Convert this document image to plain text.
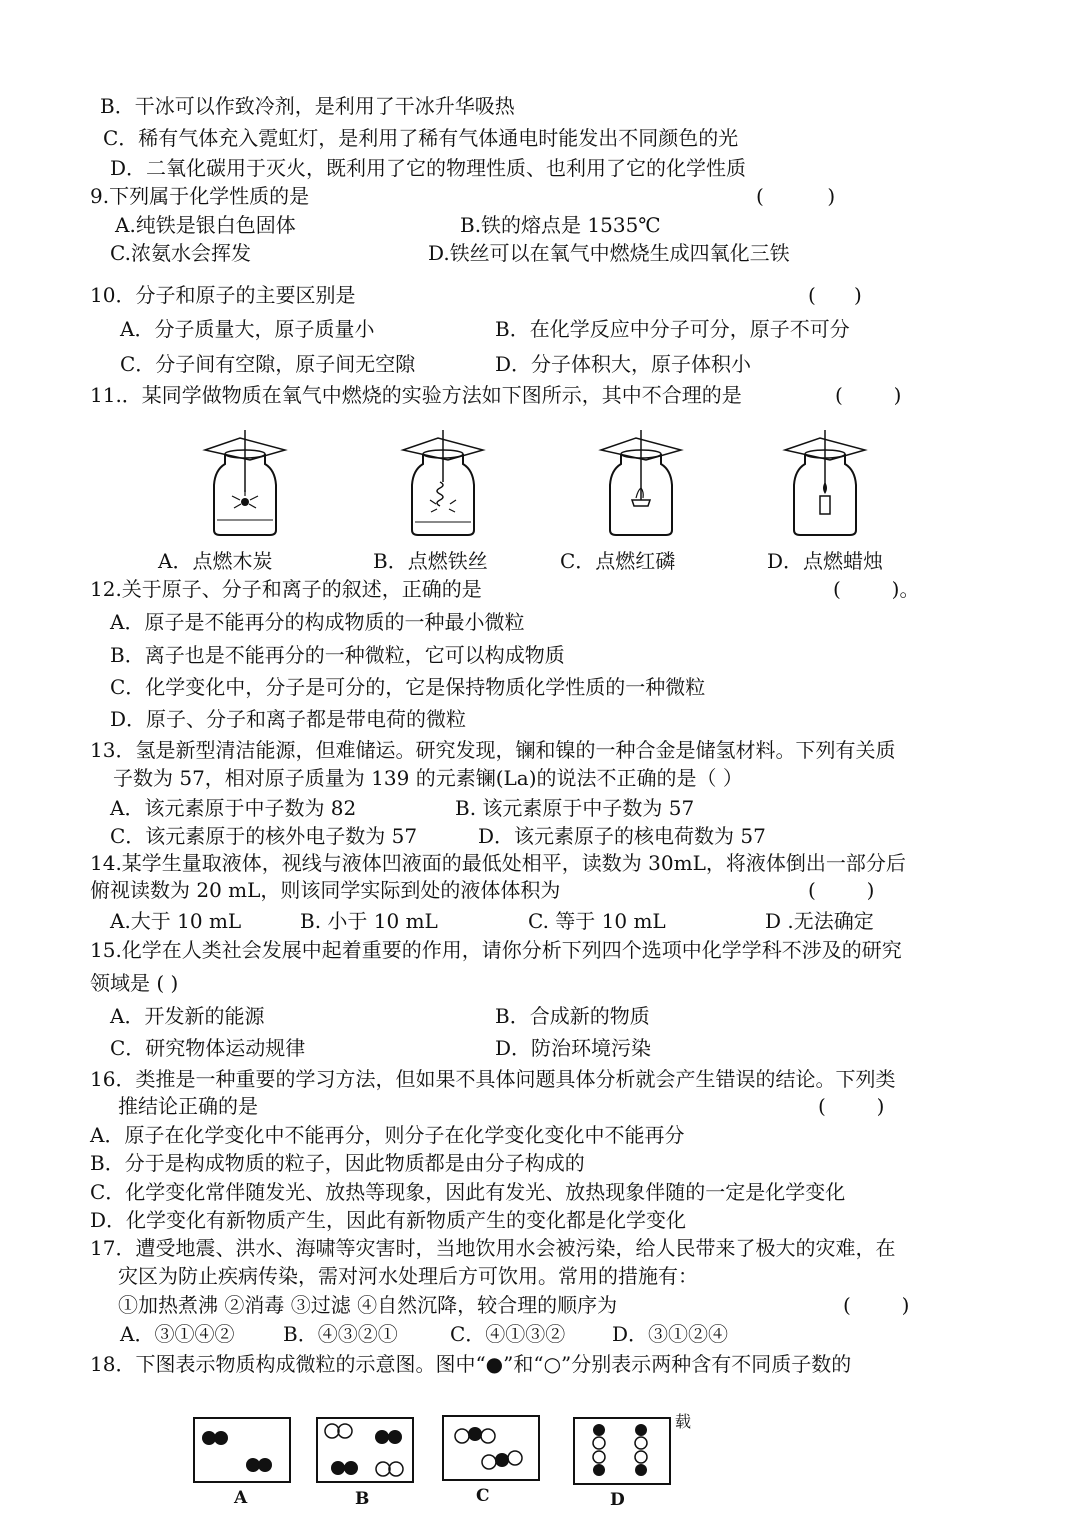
B．干冰可以作致冷剂，是利用了干冰升华吸热
C．稀有气体充入霓虹灯，是利用了稀有气体通电时能发出不同颜色的光
D．二氧化碳用于灭火，既利用了它的物理性质、也利用了它的化学性质
9.下列属于化学性质的是	(          )
A.纯铁是银白色固体	B.铁的熔点是 1535℃
C.浓氨水会挥发	D.铁丝可以在氧气中燃烧生成四氧化三铁
10．分子和原子的主要区别是	(      )
A．分子质量大，原子质量小	B．在化学反应中分子可分，原子不可分
C．分子间有空隙，原子间无空隙	D．分子体积大，原子体积小
11.．某同学做物质在氧气中燃烧的实验方法如下图所示，其中不合理的是	(        )
A．点燃木炭	B．点燃铁丝	C．点燃红磷	D．点燃蜡烛
12.关于原子、分子和离子的叙述，正确的是	(        )。
A．原子是不能再分的构成物质的一种最小微粒
B．离子也是不能再分的一种微粒，它可以构成物质
C．化学变化中，分子是可分的，它是保持物质化学性质的一种微粒
D．原子、分子和离子都是带电荷的微粒
13．氢是新型清洁能源，但难储运。研究发现，镧和镍的一种合金是储氢材料。下列有关质
子数为 57，相对原子质量为 139 的元素镧(La)的说法不正确的是（ ）
A．该元素原于中子数为 82	B. 该元素原于中子数为 57
C．该元素原于的核外电子数为 57	D．该元素原子的核电荷数为 57
14.某学生量取液体，视线与液体凹液面的最低处相平，读数为 30mL，将液体倒出一部分后
俯视读数为 20 mL，则该同学实际到处的液体体积为	(        )
A.大于 10 mL	B. 小于 10 mL	C. 等于 10 mL	D .无法确定
15.化学在人类社会发展中起着重要的作用，请你分析下列四个选项中化学学科不涉及的研究
领域是 ( )
A．开发新的能源	B．合成新的物质
C．研究物体运动规律	D．防治环境污染
16．类推是一种重要的学习方法，但如果不具体问题具体分析就会产生错误的结论。下列类
推结论正确的是	(        )
A．原子在化学变化中不能再分，则分子在化学变化变化中不能再分
B．分于是构成物质的粒子，因此物质都是由分子构成的
C．化学变化常伴随发光、放热等现象，因此有发光、放热现象伴随的一定是化学变化
D．化学变化有新物质产生，因此有新物质产生的变化都是化学变化
17．遭受地震、洪水、海啸等灾害时，当地饮用水会被污染，给人民带来了极大的灾难，在
灾区为防止疾病传染，需对河水处理后方可饮用。常用的措施有：
①加热煮沸 ②消毒 ③过滤 ④自然沉降，较合理的顺序为	(        )
A．③①④② B．④③②①	C．④①③② D．③①②④
18．下图表示物质构成微粒的示意图。图中“●”和“○”分别表示两种含有不同质子数的
载
A	B	C	D
